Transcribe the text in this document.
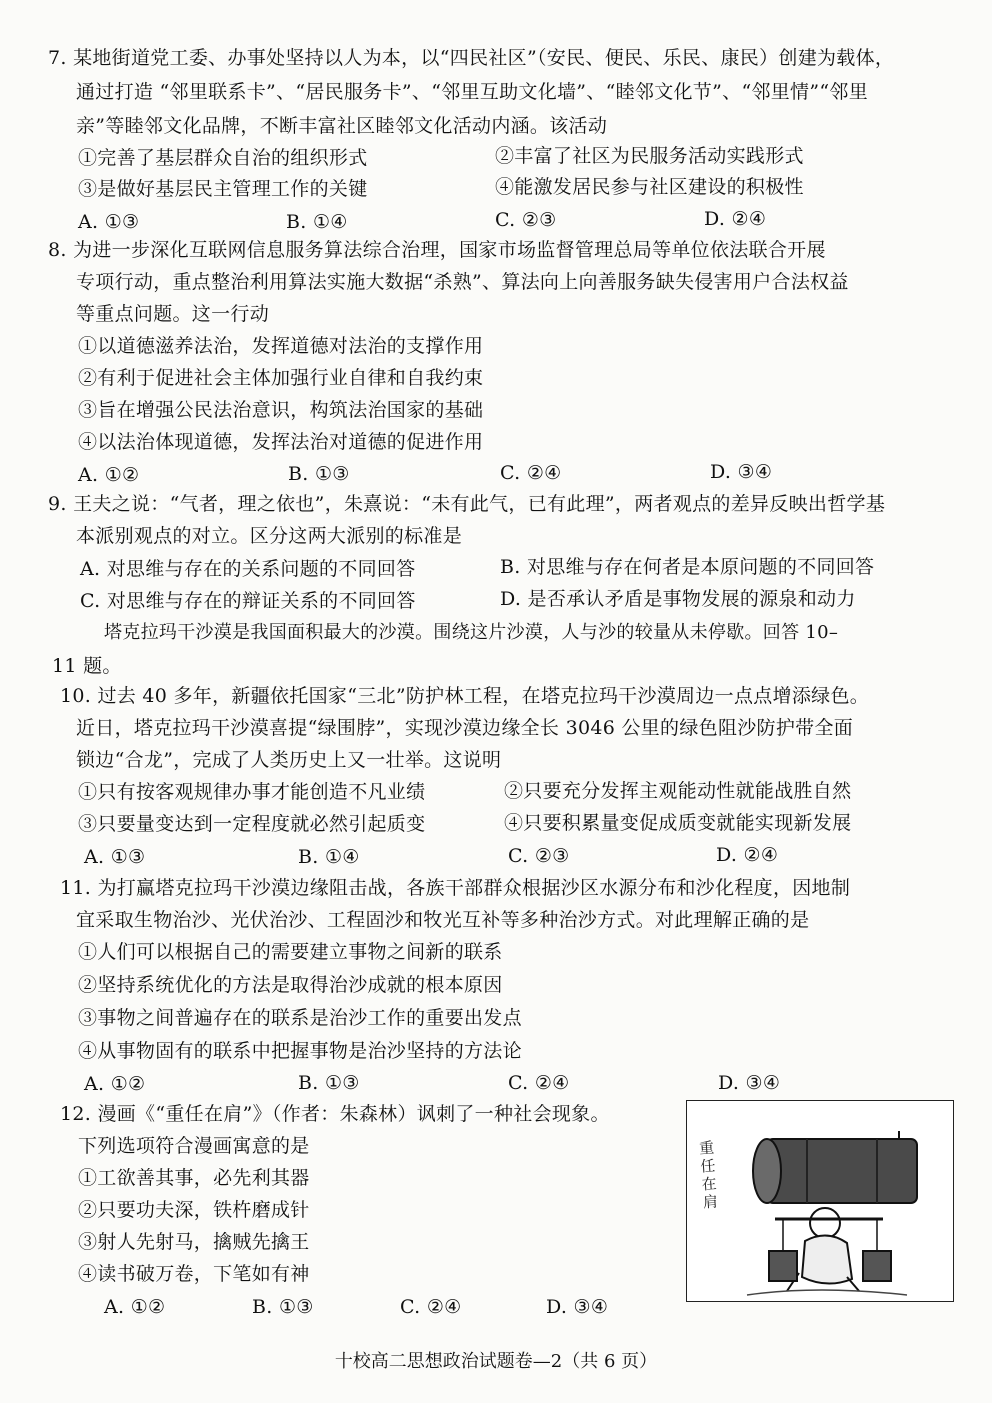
7. 某地街道党工委、办事处坚持以人为本，以“四民社区”（安民、便民、乐民、康民）创建为载体，
通过打造 “邻里联系卡”、“居民服务卡”、“邻里互助文化墙”、“睦邻文化节”、“邻里情”“邻里
亲”等睦邻文化品牌，不断丰富社区睦邻文化活动内涵。该活动
①完善了基层群众自治的组织形式	②丰富了社区为民服务活动实践形式
③是做好基层民主管理工作的关键	④能激发居民参与社区建设的积极性
A. ①③	B. ①④	C. ②③	D. ②④
8. 为进一步深化互联网信息服务算法综合治理，国家市场监督管理总局等单位依法联合开展
专项行动，重点整治利用算法实施大数据“杀熟”、算法向上向善服务缺失侵害用户合法权益
等重点问题。这一行动
①以道德滋养法治，发挥道德对法治的支撑作用
②有利于促进社会主体加强行业自律和自我约束
③旨在增强公民法治意识，构筑法治国家的基础
④以法治体现道德，发挥法治对道德的促进作用
A. ①②	B. ①③	C. ②④	D. ③④
9. 王夫之说：“气者，理之依也”，朱熹说：“未有此气，已有此理”，两者观点的差异反映出哲学基
本派别观点的对立。区分这两大派别的标准是
A. 对思维与存在的关系问题的不同回答	B. 对思维与存在何者是本原问题的不同回答
C. 对思维与存在的辩证关系的不同回答	D. 是否承认矛盾是事物发展的源泉和动力
塔克拉玛干沙漠是我国面积最大的沙漠。围绕这片沙漠，人与沙的较量从未停歇。回答 10–
11 题。
10. 过去 40 多年，新疆依托国家“三北”防护林工程，在塔克拉玛干沙漠周边一点点增添绿色。
近日，塔克拉玛干沙漠喜提“绿围脖”，实现沙漠边缘全长 3046 公里的绿色阻沙防护带全面
锁边“合龙”，完成了人类历史上又一壮举。这说明
①只有按客观规律办事才能创造不凡业绩	②只要充分发挥主观能动性就能战胜自然
③只要量变达到一定程度就必然引起质变	④只要积累量变促成质变就能实现新发展
A. ①③	B. ①④	C. ②③	D. ②④
11. 为打赢塔克拉玛干沙漠边缘阻击战，各族干部群众根据沙区水源分布和沙化程度，因地制
宜采取生物治沙、光伏治沙、工程固沙和牧光互补等多种治沙方式。对此理解正确的是
①人们可以根据自己的需要建立事物之间新的联系
②坚持系统优化的方法是取得治沙成就的根本原因
③事物之间普遍存在的联系是治沙工作的重要出发点
④从事物固有的联系中把握事物是治沙坚持的方法论
A. ①②	B. ①③	C. ②④	D. ③④
12. 漫画《“重任在肩”》（作者：朱森林）讽刺了一种社会现象。
下列选项符合漫画寓意的是
①工欲善其事，必先利其器
②只要功夫深，铁杵磨成针
③射人先射马，擒贼先擒王
④读书破万卷，下笔如有神
A. ①②	B. ①③	C. ②④	D. ③④
重任在肩
十校高二思想政治试题卷—2（共 6 页）
